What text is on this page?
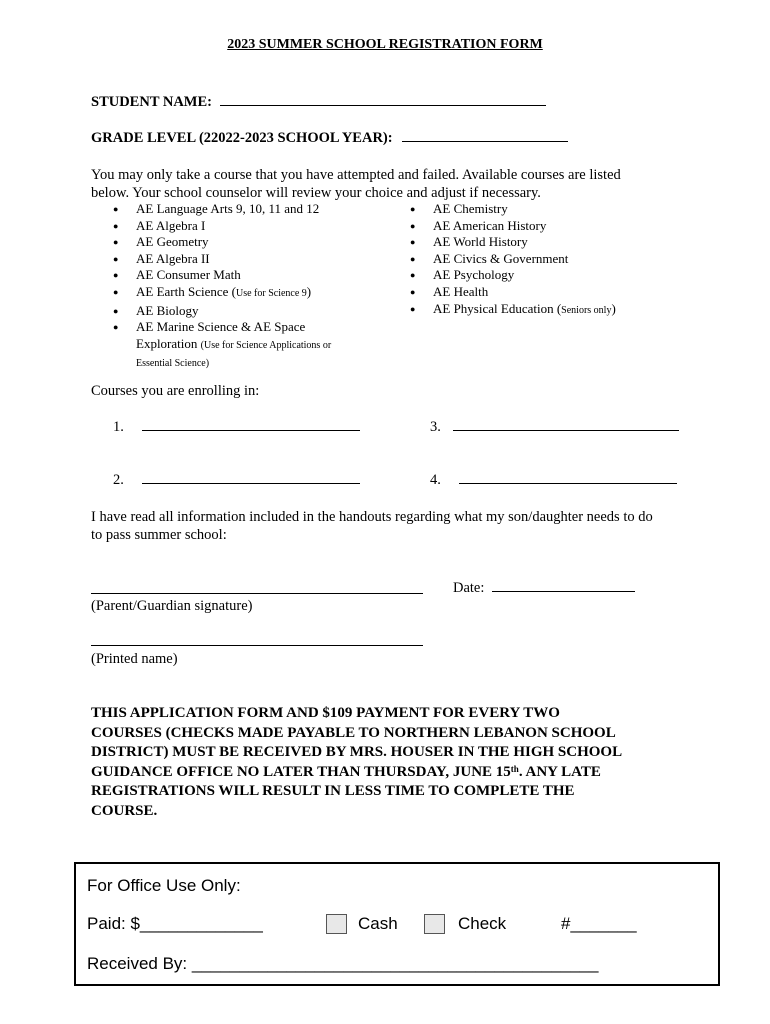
2023 SUMMER SCHOOL REGISTRATION FORM
STUDENT NAME:
GRADE LEVEL (22022-2023 SCHOOL YEAR):
You may only take a course that you have attempted and failed. Available courses are listed
below. Your school counselor will review your choice and adjust if necessary.
● AE Language Arts 9, 10, 11 and 12
● AE Algebra I
● AE Geometry
● AE Algebra II
● AE Consumer Math
● AE Earth Science (Use for Science 9)
● AE Biology
● AE Marine Science & AE Space
Exploration (Use for Science Applications or
Essential Science)
● AE Chemistry
● AE American History
● AE World History
● AE Civics & Government
● AE Psychology
● AE Health
● AE Physical Education (Seniors only)
Courses you are enrolling in:
1.	3.
2.	4.
I have read all information included in the handouts regarding what my son/daughter needs to do
to pass summer school:
Date:
(Parent/Guardian signature)
(Printed name)
THIS APPLICATION FORM AND $109 PAYMENT FOR EVERY TWO
COURSES (CHECKS MADE PAYABLE TO NORTHERN LEBANON SCHOOL
DISTRICT) MUST BE RECEIVED BY MRS. HOUSER IN THE HIGH SCHOOL
GUIDANCE OFFICE NO LATER THAN THURSDAY, JUNE 15th. ANY LATE
REGISTRATIONS WILL RESULT IN LESS TIME TO COMPLETE THE
COURSE.
For Office Use Only:
Paid: $_____________	Cash	Check	#_______
Received By: ___________________________________________
